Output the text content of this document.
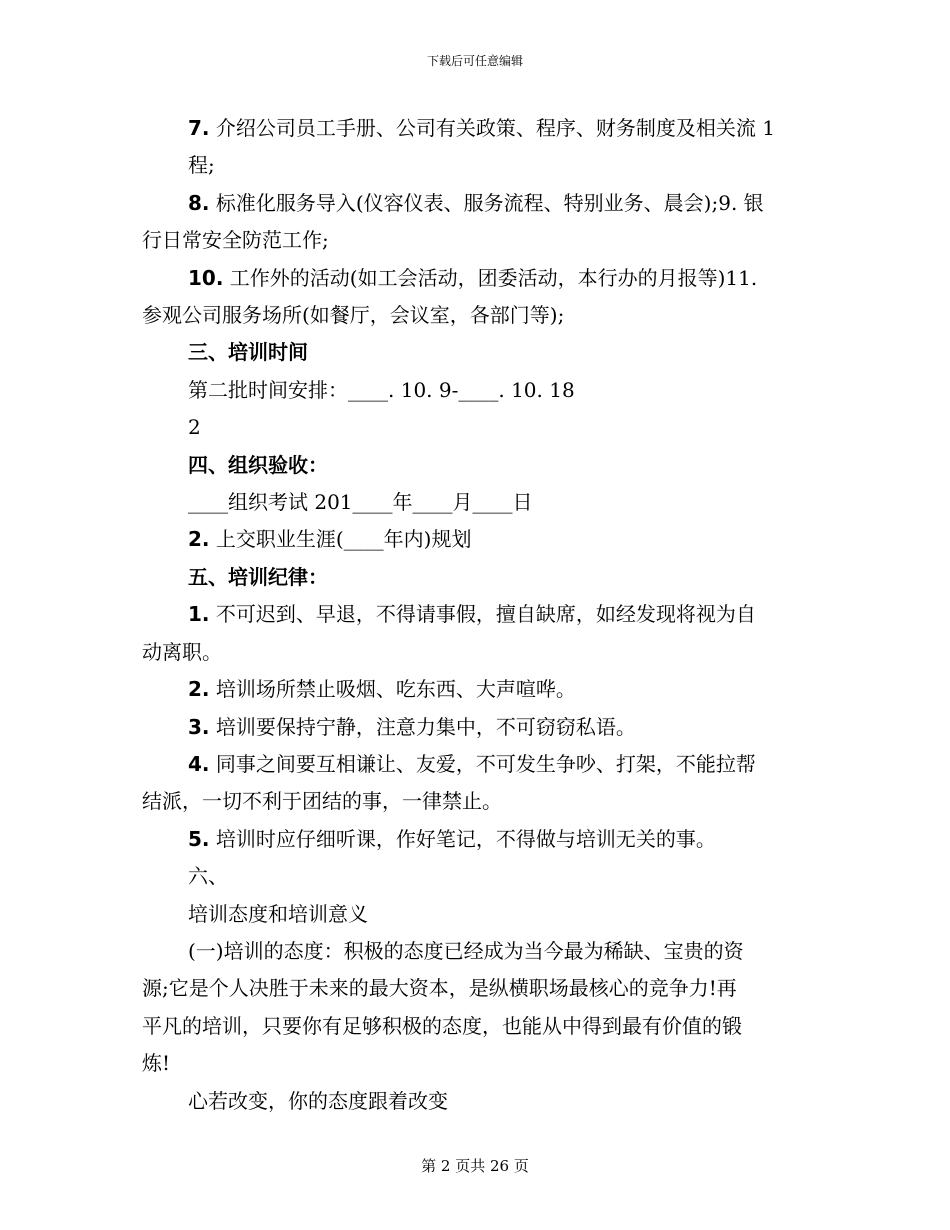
下载后可任意编辑

7. 介绍公司员工手册、公司有关政策、程序、财务制度及相关流 1

程;

8. 标准化服务导入(仪容仪表、服务流程、特别业务、晨会);9. 银

行日常安全防范工作;

10. 工作外的活动(如工会活动，团委活动，本行办的月报等)11.

参观公司服务场所(如餐厅，会议室，各部门等);

三、培训时间

第二批时间安排：____. 10. 9-____. 10. 18

2

四、组织验收：

____组织考试 201____年____月____日

2. 上交职业生涯(____年内)规划

五、培训纪律：

1. 不可迟到、早退，不得请事假，擅自缺席，如经发现将视为自

动离职。

2. 培训场所禁止吸烟、吃东西、大声喧哗。

3. 培训要保持宁静，注意力集中，不可窃窃私语。

4. 同事之间要互相谦让、友爱，不可发生争吵、打架，不能拉帮

结派，一切不利于团结的事，一律禁止。

5. 培训时应仔细听课，作好笔记，不得做与培训无关的事。

六、

培训态度和培训意义

(一)培训的态度：积极的态度已经成为当今最为稀缺、宝贵的资

源;它是个人决胜于未来的最大资本，是纵横职场最核心的竞争力!再

平凡的培训，只要你有足够积极的态度，也能从中得到最有价值的锻

炼!

心若改变，你的态度跟着改变

第 2 页共 26 页
